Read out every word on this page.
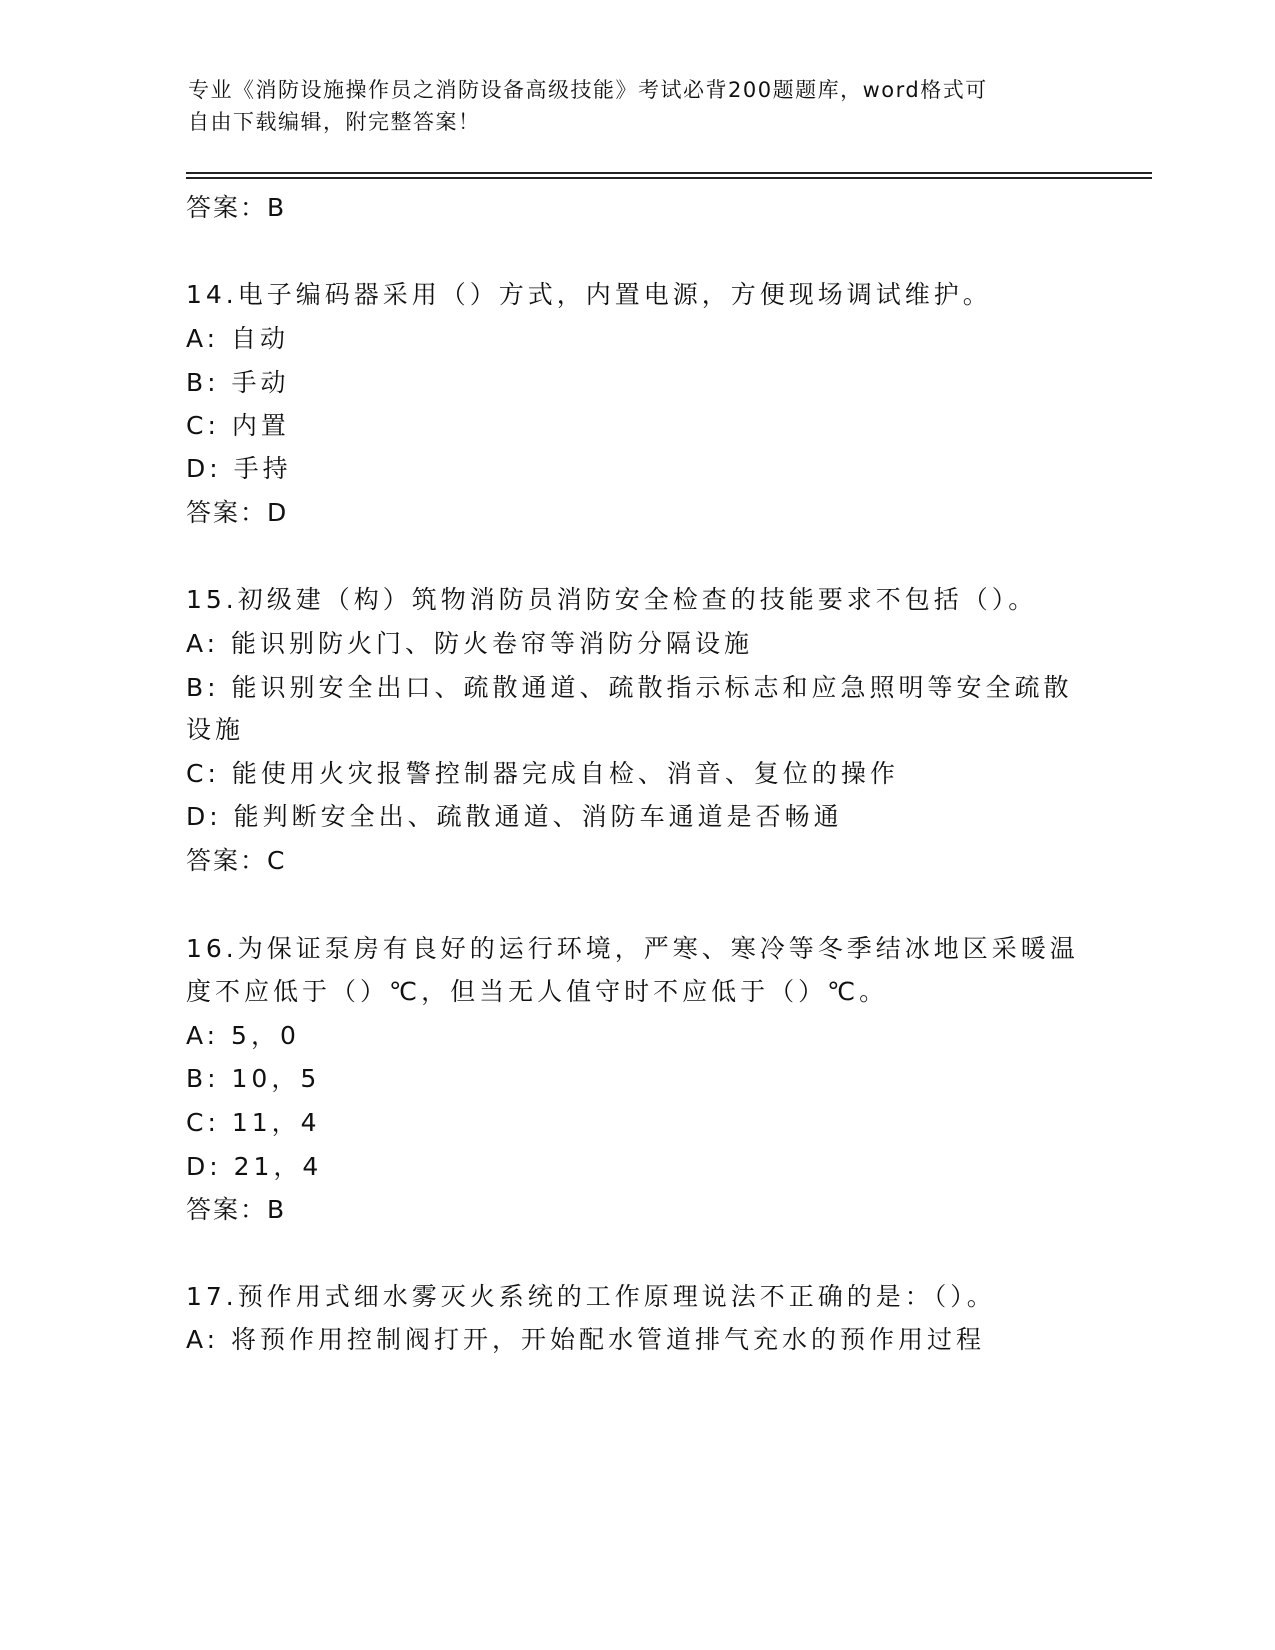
专业《消防设施操作员之消防设备高级技能》考试必背200题题库，word格式可
自由下载编辑，附完整答案！
答案：B
14.电子编码器采用（）方式，内置电源，方便现场调试维护。
A: 自动
B: 手动
C: 内置
D: 手持
答案：D
15.初级建（构）筑物消防员消防安全检查的技能要求不包括（）。
A: 能识别防火门、防火卷帘等消防分隔设施
B: 能识别安全出口、疏散通道、疏散指示标志和应急照明等安全疏散
设施
C: 能使用火灾报警控制器完成自检、消音、复位的操作
D: 能判断安全出、疏散通道、消防车通道是否畅通
答案：C
16.为保证泵房有良好的运行环境，严寒、寒冷等冬季结冰地区采暖温
度不应低于（）℃，但当无人值守时不应低于（）℃。
A: 5，0
B: 10，5
C: 11，4
D: 21，4
答案：B
17.预作用式细水雾灭火系统的工作原理说法不正确的是：（）。
A: 将预作用控制阀打开，开始配水管道排气充水的预作用过程
